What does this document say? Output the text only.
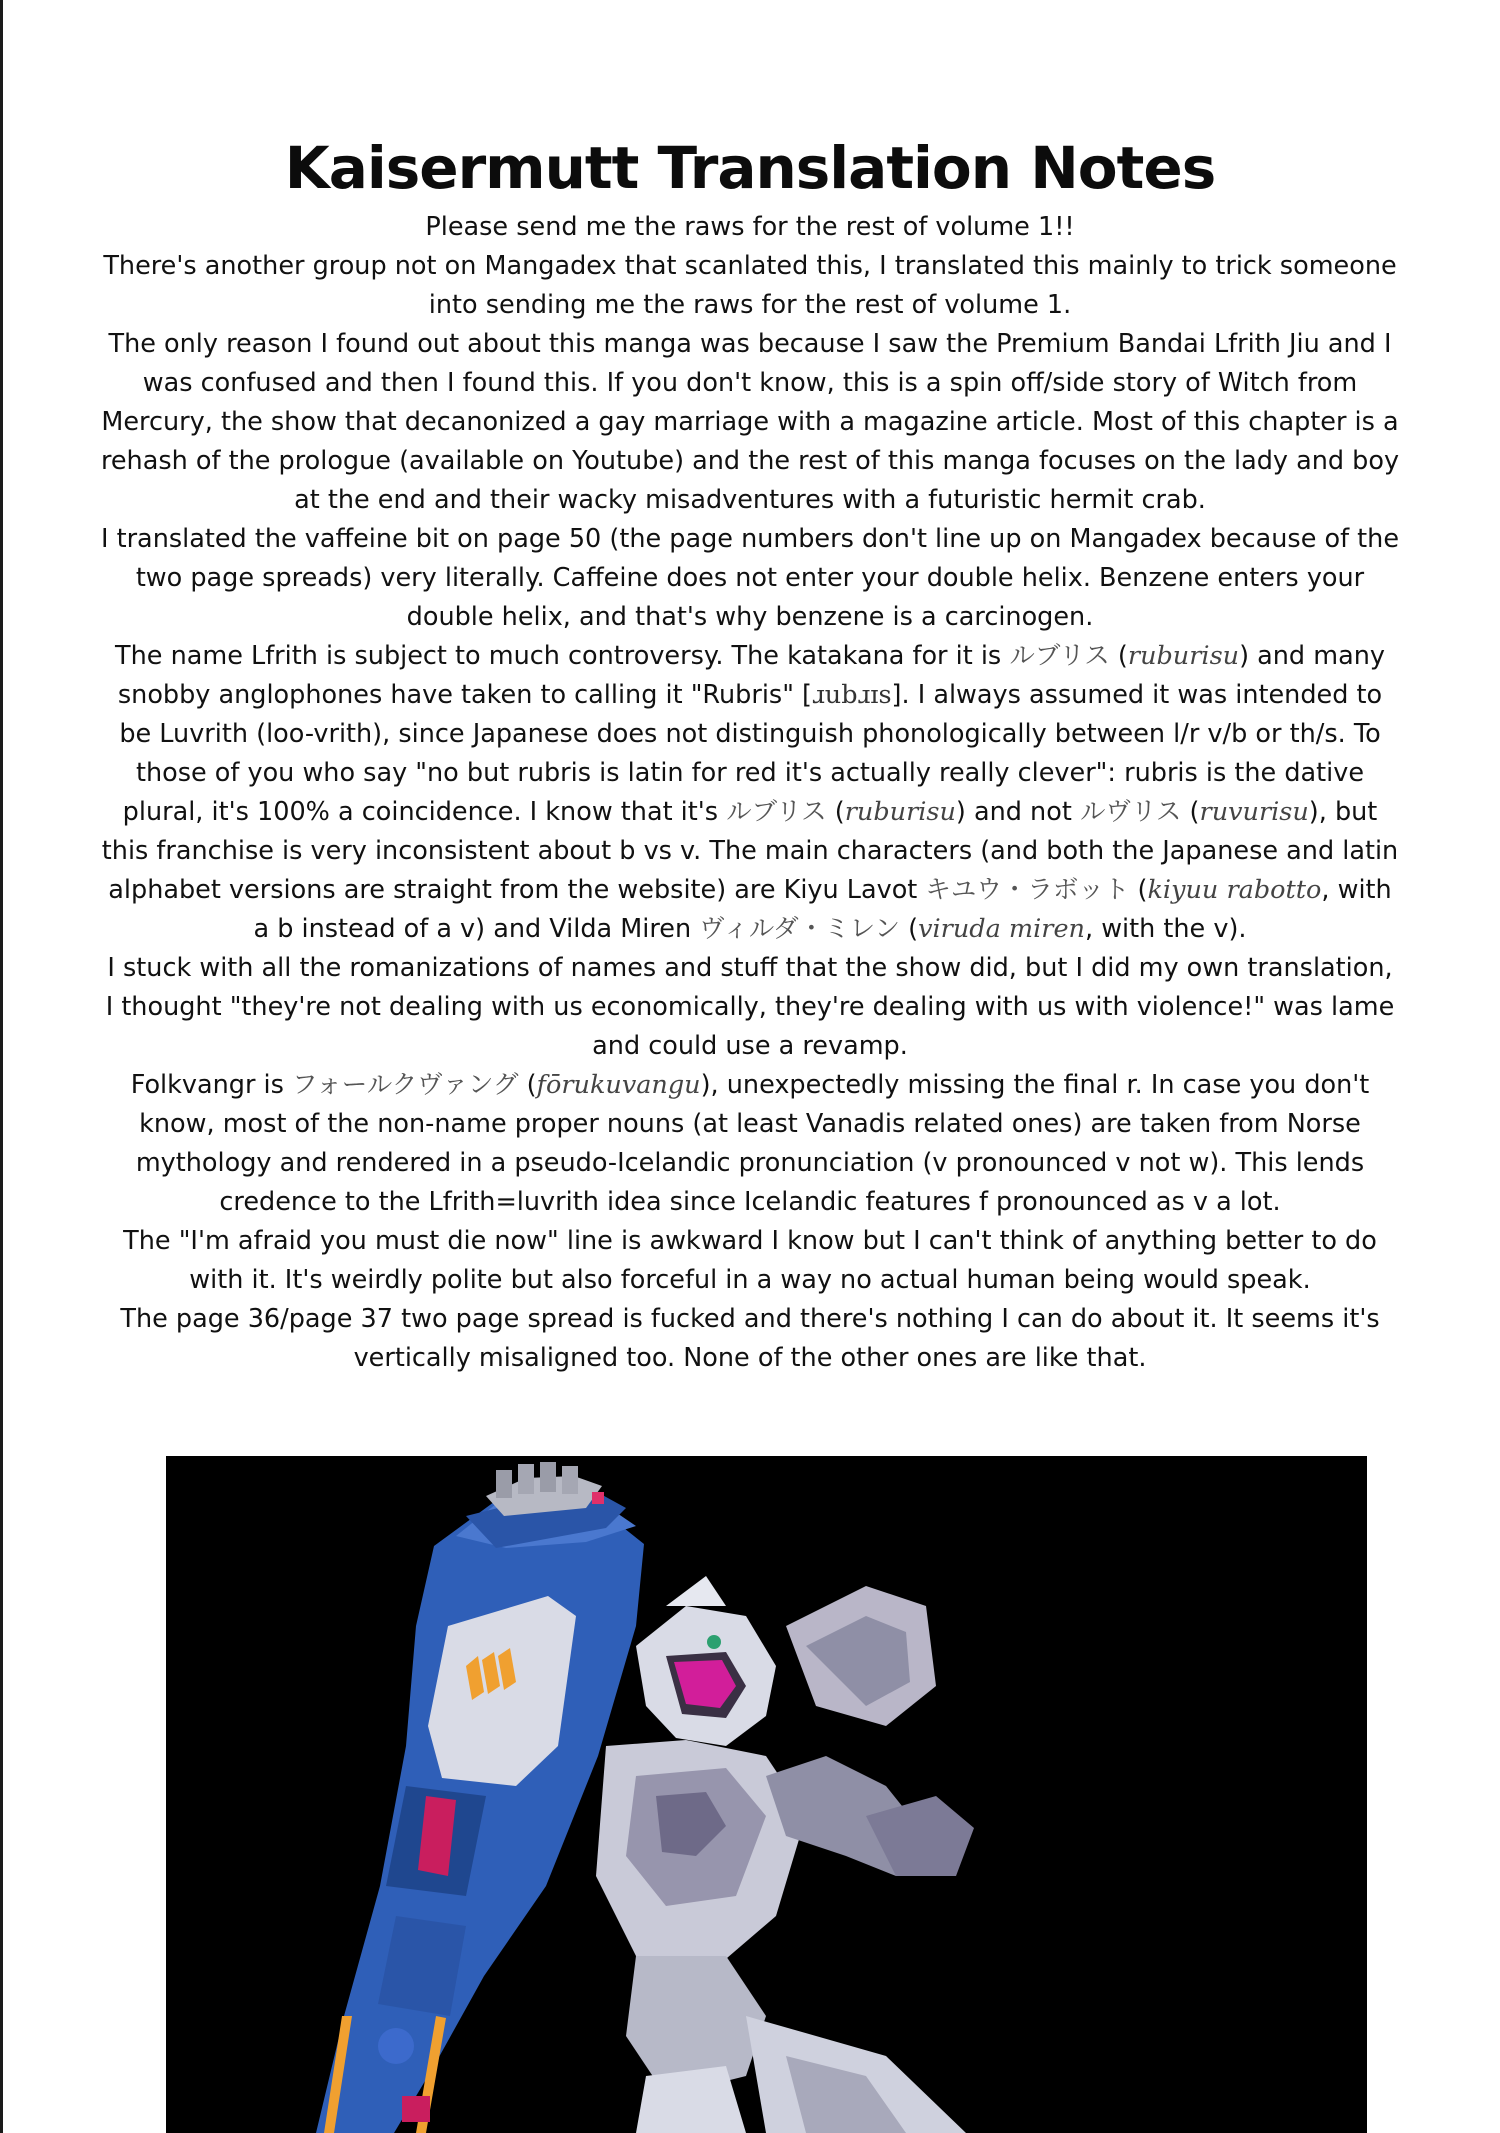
Kaisermutt Translation Notes

Please send me the raws for the rest of volume 1!!

There's another group not on Mangadex that scanlated this, I translated this mainly to trick someone into sending me the raws for the rest of volume 1.

The only reason I found out about this manga was because I saw the Premium Bandai Lfrith Jiu and I was confused and then I found this. If you don't know, this is a spin off/side story of Witch from Mercury, the show that decanonized a gay marriage with a magazine article. Most of this chapter is a rehash of the prologue (available on Youtube) and the rest of this manga focuses on the lady and boy at the end and their wacky misadventures with a futuristic hermit crab.

I translated the vaffeine bit on page 50 (the page numbers don't line up on Mangadex because of the two page spreads) very literally. Caffeine does not enter your double helix. Benzene enters your double helix, and that's why benzene is a carcinogen.

The name Lfrith is subject to much controversy. The katakana for it is ルブリス (ruburisu) and many snobby anglophones have taken to calling it "Rubris" [ɹubɹɪs]. I always assumed it was intended to be Luvrith (loo-vrith), since Japanese does not distinguish phonologically between l/r v/b or th/s. To those of you who say "no but rubris is latin for red it's actually really clever": rubris is the dative plural, it's 100% a coincidence. I know that it's ルブリス (ruburisu) and not ルヴリス (ruvurisu), but this franchise is very inconsistent about b vs v. The main characters (and both the Japanese and latin alphabet versions are straight from the website) are Kiyu Lavot キユウ・ラボット (kiyuu rabotto, with a b instead of a v) and Vilda Miren ヴィルダ・ミレン (viruda miren, with the v).

I stuck with all the romanizations of names and stuff that the show did, but I did my own translation, I thought "they're not dealing with us economically, they're dealing with us with violence!" was lame and could use a revamp.

Folkvangr is フォールクヴァング (fōrukuvangu), unexpectedly missing the final r. In case you don't know, most of the non-name proper nouns (at least Vanadis related ones) are taken from Norse mythology and rendered in a pseudo-Icelandic pronunciation (v pronounced v not w). This lends credence to the Lfrith=luvrith idea since Icelandic features f pronounced as v a lot.

The "I'm afraid you must die now" line is awkward I know but I can't think of anything better to do with it. It's weirdly polite but also forceful in a way no actual human being would speak.

The page 36/page 37 two page spread is fucked and there's nothing I can do about it. It seems it's vertically misaligned too. None of the other ones are like that.
